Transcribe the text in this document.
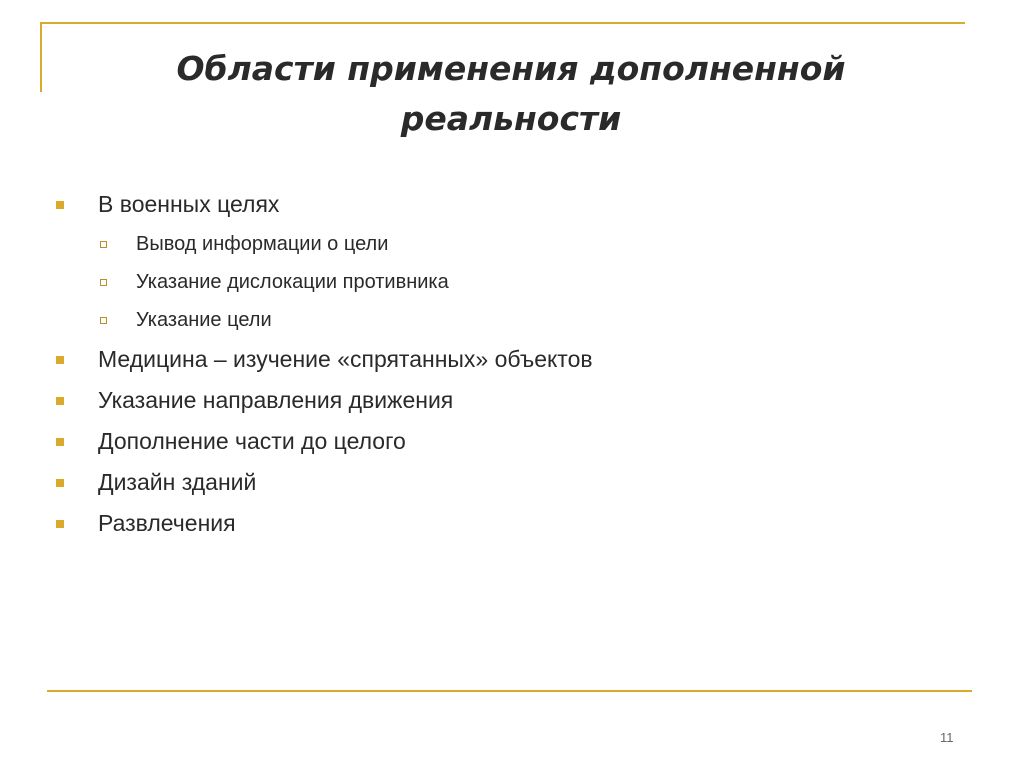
Области применения дополненной
реальности
В военных целях
Вывод информации о цели
Указание дислокации противника
Указание цели
Медицина – изучение «спрятанных» объектов
Указание направления движения
Дополнение части до целого
Дизайн зданий
Развлечения
11
